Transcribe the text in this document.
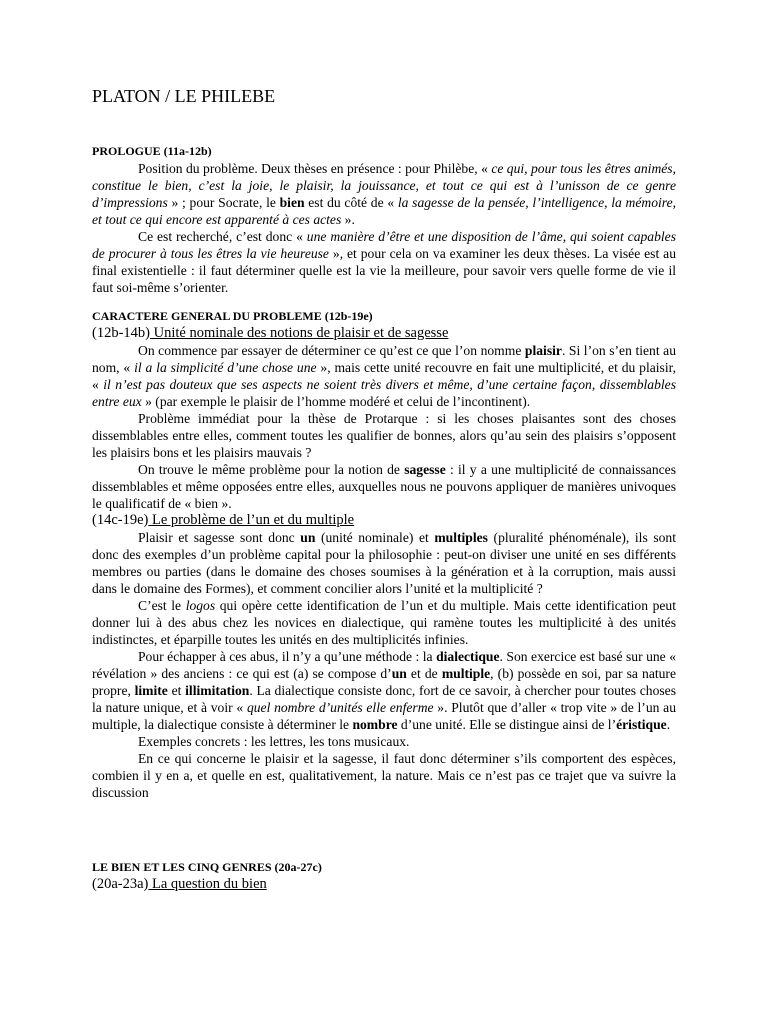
PLATON / LE PHILEBE
PROLOGUE (11a-12b)

Position du problème. Deux thèses en présence : pour Philèbe, « ce qui, pour tous les êtres animés, constitue le bien, c’est la joie, le plaisir, la jouissance, et tout ce qui est à l’unisson de ce genre d’impressions » ; pour Socrate, le bien est du côté de « la sagesse de la pensée, l’intelligence, la mémoire, et tout ce qui encore est apparenté à ces actes ».

Ce est recherché, c’est donc « une manière d’être et une disposition de l’âme, qui soient capables de procurer à tous les êtres la vie heureuse », et pour cela on va examiner les deux thèses. La visée est au final existentielle : il faut déterminer quelle est la vie la meilleure, pour savoir vers quelle forme de vie il faut soi-même s’orienter.

CARACTERE GENERAL DU PROBLEME (12b-19e)
(12b-14b) Unité nominale des notions de plaisir et de sagesse

On commence par essayer de déterminer ce qu’est ce que l’on nomme plaisir. Si l’on s’en tient au nom, « il a la simplicité d’une chose une », mais cette unité recouvre en fait une multiplicité, et du plaisir, « il n’est pas douteux que ses aspects ne soient très divers et même, d’une certaine façon, dissemblables entre eux » (par exemple le plaisir de l’homme modéré et celui de l’incontinent).

Problème immédiat pour la thèse de Protarque : si les choses plaisantes sont des choses dissemblables entre elles, comment toutes les qualifier de bonnes, alors qu’au sein des plaisirs s’opposent les plaisirs bons et les plaisirs mauvais ?

On trouve le même problème pour la notion de sagesse : il y a une multiplicité de connaissances dissemblables et même opposées entre elles, auxquelles nous ne pouvons appliquer de manières univoques le qualificatif de « bien ».

(14c-19e) Le problème de l’un et du multiple

Plaisir et sagesse sont donc un (unité nominale) et multiples (pluralité phénoménale), ils sont donc des exemples d’un problème capital pour la philosophie : peut-on diviser une unité en ses différents membres ou parties (dans le domaine des choses soumises à la génération et à la corruption, mais aussi dans le domaine des Formes), et comment concilier alors l’unité et la multiplicité ?

C’est le logos qui opère cette identification de l’un et du multiple. Mais cette identification peut donner lui à des abus chez les novices en dialectique, qui ramène toutes les multiplicité à des unités indistinctes, et éparpille toutes les unités en des multiplicités infinies.

Pour échapper à ces abus, il n’y a qu’une méthode : la dialectique. Son exercice est basé sur une « révélation » des anciens : ce qui est (a) se compose d’un et de multiple, (b) possède en soi, par sa nature propre, limite et illimitation. La dialectique consiste donc, fort de ce savoir, à chercher pour toutes choses la nature unique, et à voir « quel nombre d’unités elle enferme ». Plutôt que d’aller « trop vite » de l’un au multiple, la dialectique consiste à déterminer le nombre d’une unité. Elle se distingue ainsi de l’éristique.

Exemples concrets : les lettres, les tons musicaux.

En ce qui concerne le plaisir et la sagesse, il faut donc déterminer s’ils comportent des espèces, combien il y en a, et quelle en est, qualitativement, la nature. Mais ce n’est pas ce trajet que va suivre la discussion

LE BIEN ET LES CINQ GENRES (20a-27c)
(20a-23a) La question du bien
